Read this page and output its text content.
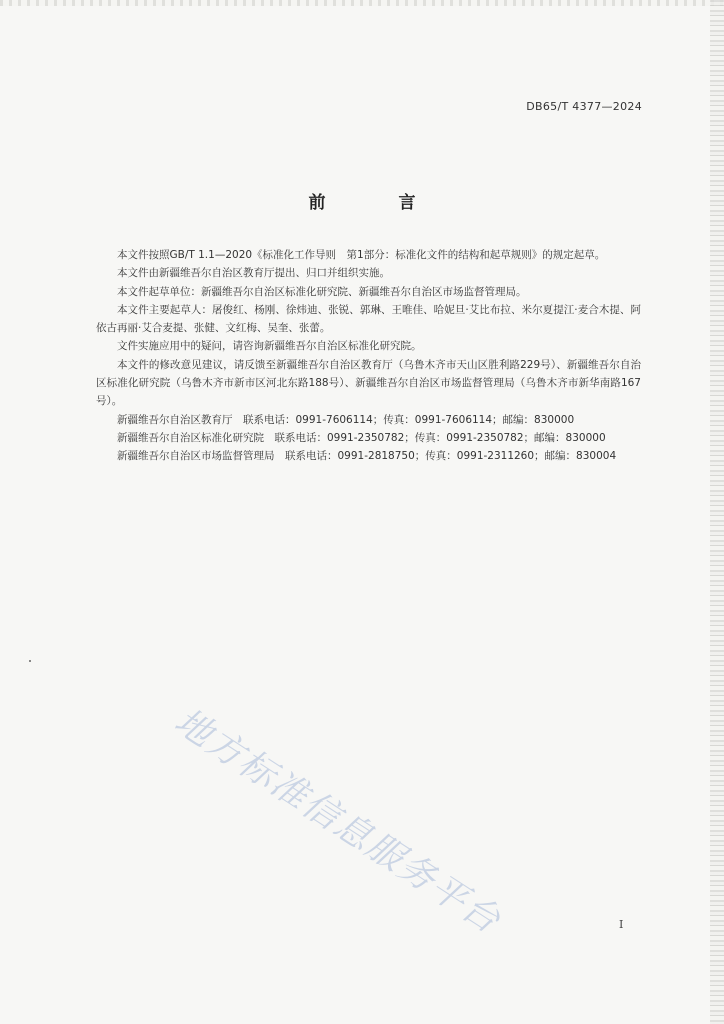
DB65/T 4377—2024
前　言

本文件按照GB/T 1.1—2020《标准化工作导则　第1部分：标准化文件的结构和起草规则》的规定起草。

本文件由新疆维吾尔自治区教育厅提出、归口并组织实施。

本文件起草单位：新疆维吾尔自治区标准化研究院、新疆维吾尔自治区市场监督管理局。

本文件主要起草人：屠俊红、杨刚、徐炜迪、张锐、郭琳、王唯佳、哈妮旦·艾比布拉、米尔夏提江·麦合木提、阿依古再丽·艾合麦提、张健、文红梅、吴奎、张蕾。

文件实施应用中的疑问，请咨询新疆维吾尔自治区标准化研究院。

本文件的修改意见建议，请反馈至新疆维吾尔自治区教育厅（乌鲁木齐市天山区胜利路229号）、新疆维吾尔自治区标准化研究院（乌鲁木齐市新市区河北东路188号）、新疆维吾尔自治区市场监督管理局（乌鲁木齐市新华南路167号）。

新疆维吾尔自治区教育厅　联系电话：0991-7606114；传真：0991-7606114；邮编：830000

新疆维吾尔自治区标准化研究院　联系电话：0991-2350782；传真：0991-2350782；邮编：830000

新疆维吾尔自治区市场监督管理局　联系电话：0991-2818750；传真：0991-2311260；邮编：830004

地方标准信息服务平台	I
